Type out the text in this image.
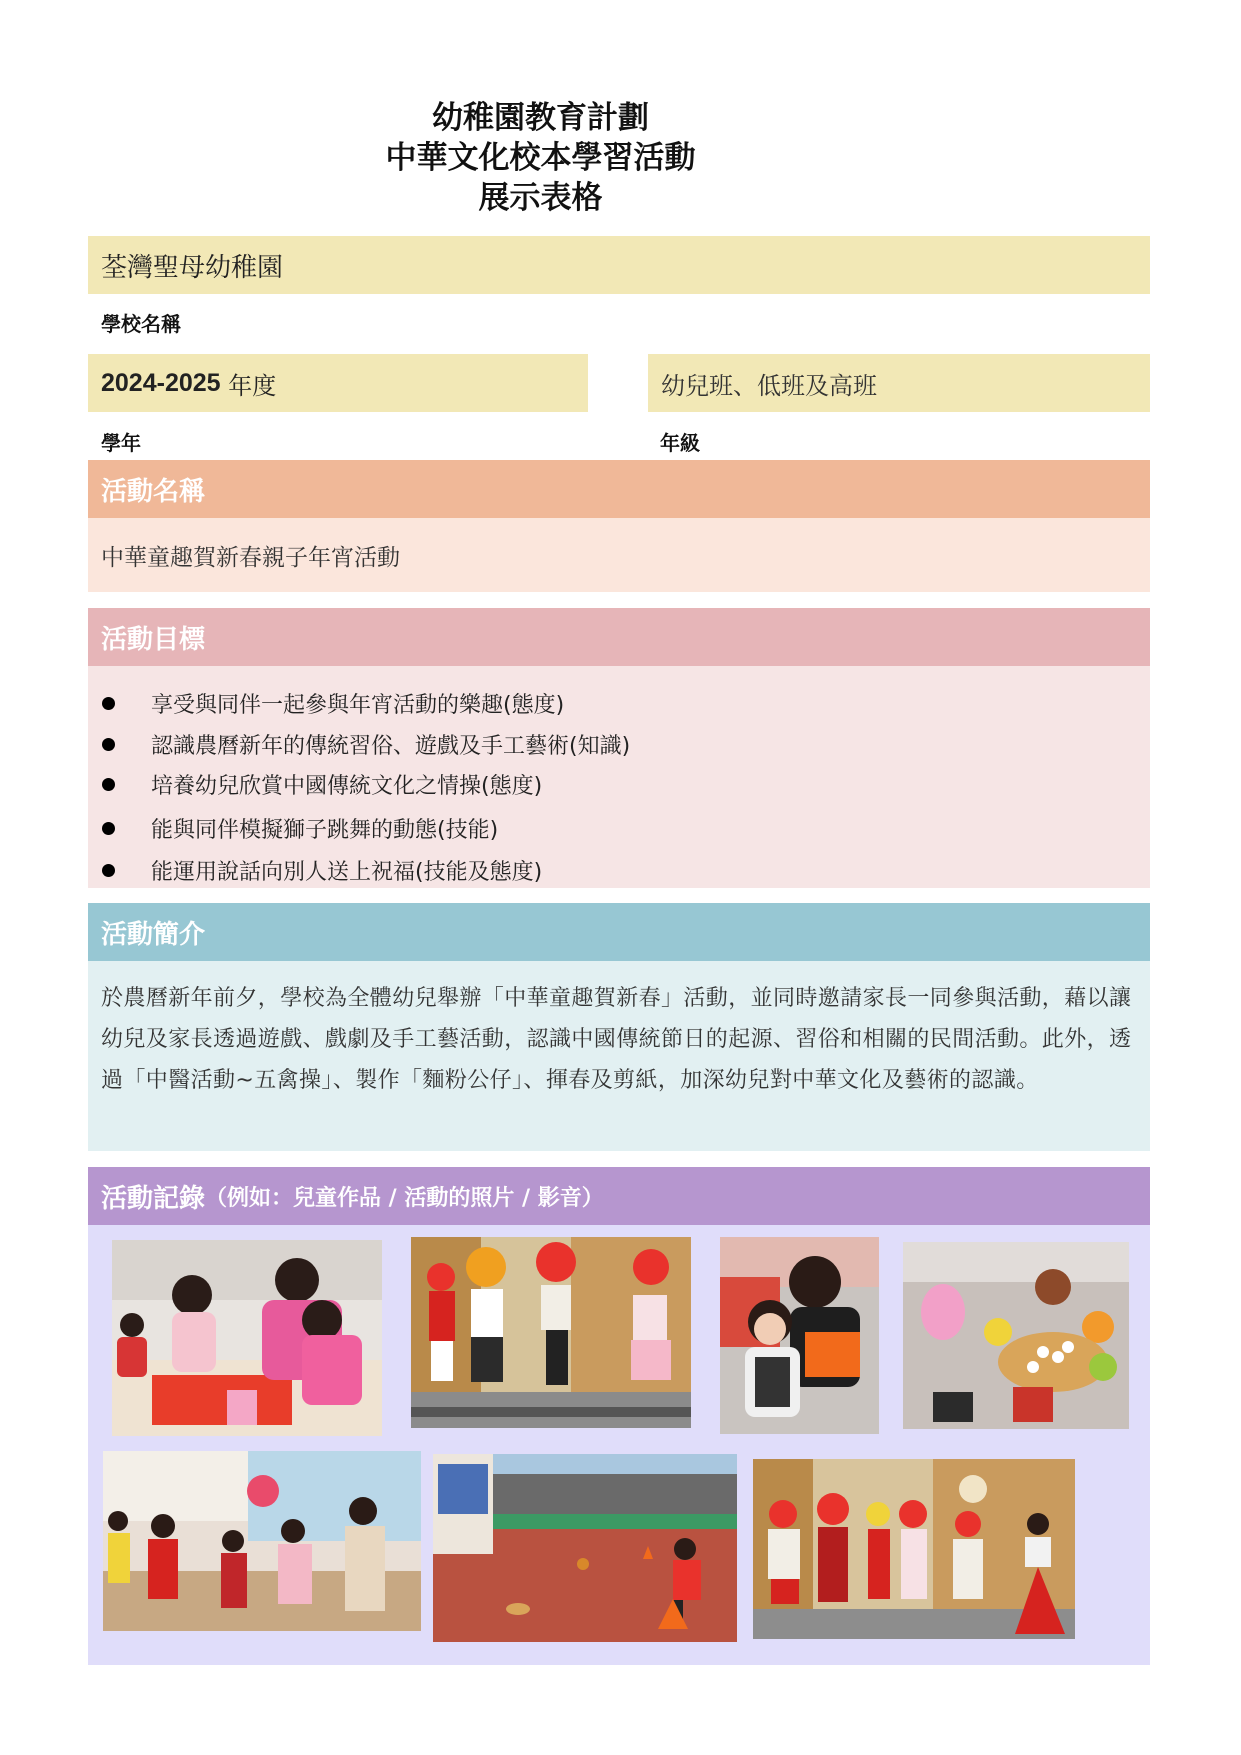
幼稚園教育計劃
中華文化校本學習活動
展示表格
荃灣聖母幼稚園
學校名稱
2024-2025 年度	幼兒班、低班及高班
學年	年級
活動名稱
中華童趣賀新春親子年宵活動
活動目標
享受與同伴一起參與年宵活動的樂趣(態度)
認識農曆新年的傳統習俗、遊戲及手工藝術(知識)
培養幼兒欣賞中國傳統文化之情操(態度)
能與同伴模擬獅子跳舞的動態(技能)
能運用說話向別人送上祝福(技能及態度)
活動簡介
於農曆新年前夕，學校為全體幼兒舉辦「中華童趣賀新春」活動，並同時邀請家長一同參與活動，藉以讓幼兒及家長透過遊戲、戲劇及手工藝活動，認識中國傳統節日的起源、習俗和相關的民間活動。此外，透過「中醫活動~五禽操」、製作「麵粉公仔」、揮春及剪紙，加深幼兒對中華文化及藝術的認識。
活動記錄 （例如：兒童作品 / 活動的照片 / 影音）
